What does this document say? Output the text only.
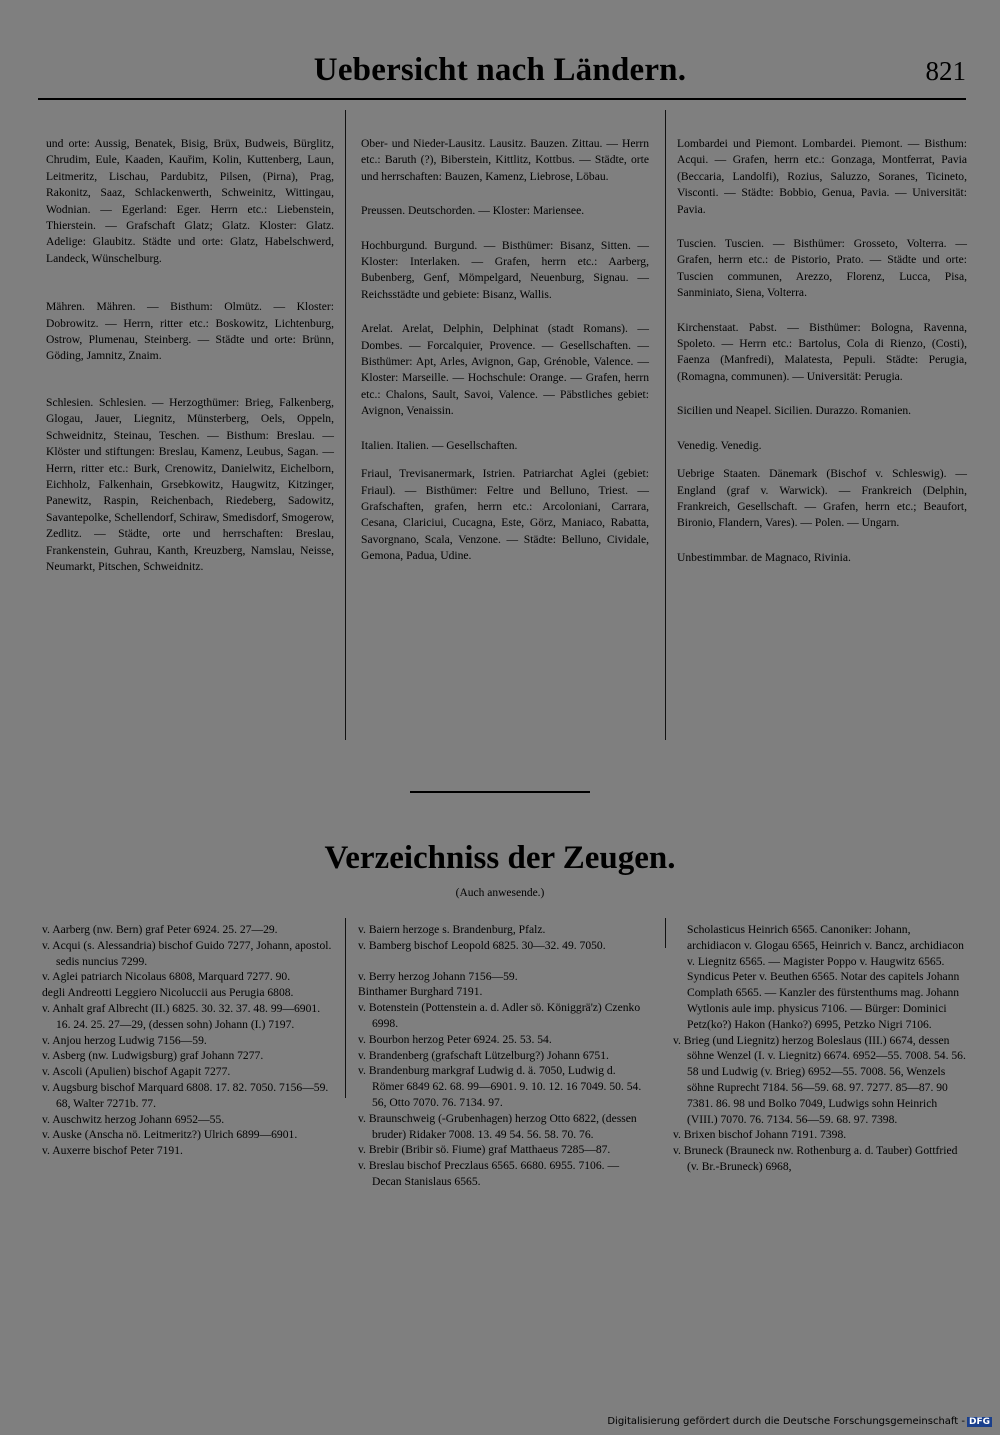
Uebersicht nach Ländern.	821

und orte: Aussig, Benatek, Bisig, Brüx, Budweis, Bürglitz, Chrudim, Eule, Kaaden, Kauřim, Kolin, Kuttenberg, Laun, Leitmeritz, Lischau, Pardubitz, Pilsen, (Pirna), Prag, Rakonitz, Saaz, Schlackenwerth, Schweinitz, Wittingau, Wodnian. — Egerland: Eger. Herrn etc.: Liebenstein, Thierstein. — Grafschaft Glatz; Glatz. Kloster: Glatz. Adelige: Glaubitz. Städte und orte: Glatz, Habelschwerd, Landeck, Wünschelburg.

Mähren. Mähren. — Bisthum: Olmütz. — Kloster: Dobrowitz. — Herrn, ritter etc.: Boskowitz, Lichtenburg, Ostrow, Plumenau, Steinberg. — Städte und orte: Brünn, Göding, Jamnitz, Znaim.

Schlesien. Schlesien. — Herzogthümer: Brieg, Falkenberg, Glogau, Jauer, Liegnitz, Münsterberg, Oels, Oppeln, Schweidnitz, Steinau, Teschen. — Bisthum: Breslau. — Klöster und stiftungen: Breslau, Kamenz, Leubus, Sagan. — Herrn, ritter etc.: Burk, Crenowitz, Danielwitz, Eichelborn, Eichholz, Falkenhain, Grsebkowitz, Haugwitz, Kitzinger, Panewitz, Raspin, Reichenbach, Riedeberg, Sadowitz, Savantepolke, Schellendorf, Schiraw, Smedisdorf, Smogerow, Zedlitz. — Städte, orte und herrschaften: Breslau, Frankenstein, Guhrau, Kanth, Kreuzberg, Namslau, Neisse, Neumarkt, Pitschen, Schweidnitz.

Ober- und Nieder-Lausitz. Lausitz. Bauzen. Zittau. — Herrn etc.: Baruth (?), Biberstein, Kittlitz, Kottbus. — Städte, orte und herrschaften: Bauzen, Kamenz, Liebrose, Löbau.

Preussen. Deutschorden. — Kloster: Mariensee.

Hochburgund. Burgund. — Bisthümer: Bisanz, Sitten. — Kloster: Interlaken. — Grafen, herrn etc.: Aarberg, Bubenberg, Genf, Mömpelgard, Neuenburg, Signau. — Reichsstädte und gebiete: Bisanz, Wallis.

Arelat. Arelat, Delphin, Delphinat (stadt Romans). — Dombes. — Forcalquier, Provence. — Gesellschaften. — Bisthümer: Apt, Arles, Avignon, Gap, Grénoble, Valence. — Kloster: Marseille. — Hochschule: Orange. — Grafen, herrn etc.: Chalons, Sault, Savoi, Valence. — Päbstliches gebiet: Avignon, Venaissin.

Italien. Italien. — Gesellschaften.

Friaul, Trevisanermark, Istrien. Patriarchat Aglei (gebiet: Friaul). — Bisthümer: Feltre und Belluno, Triest. — Grafschaften, grafen, herrn etc.: Arcoloniani, Carrara, Cesana, Clariciui, Cucagna, Este, Görz, Maniaco, Rabatta, Savorgnano, Scala, Venzone. — Städte: Belluno, Cividale, Gemona, Padua, Udine.

Lombardei und Piemont. Lombardei. Piemont. — Bisthum: Acqui. — Grafen, herrn etc.: Gonzaga, Montferrat, Pavia (Beccaria, Landolfi), Rozius, Saluzzo, Soranes, Ticineto, Visconti. — Städte: Bobbio, Genua, Pavia. — Universität: Pavia.

Tuscien. Tuscien. — Bisthümer: Grosseto, Volterra. — Grafen, herrn etc.: de Pistorio, Prato. — Städte und orte: Tuscien communen, Arezzo, Florenz, Lucca, Pisa, Sanminiato, Siena, Volterra.

Kirchenstaat. Pabst. — Bisthümer: Bologna, Ravenna, Spoleto. — Herrn etc.: Bartolus, Cola di Rienzo, (Costi), Faenza (Manfredi), Malatesta, Pepuli. Städte: Perugia, (Romagna, communen). — Universität: Perugia.

Sicilien und Neapel. Sicilien. Durazzo. Romanien.

Venedig. Venedig.

Uebrige Staaten. Dänemark (Bischof v. Schleswig). — England (graf v. Warwick). — Frankreich (Delphin, Frankreich, Gesellschaft. — Grafen, herrn etc.; Beaufort, Bironio, Flandern, Vares). — Polen. — Ungarn.

Unbestimmbar. de Magnaco, Rivinia.

Verzeichniss der Zeugen.
(Auch anwesende.)
v. Aarberg (nw. Bern) graf Peter 6924. 25. 27—29.
v. Acqui (s. Alessandria) bischof Guido 7277, Johann, apostol. sedis nuncius 7299.
v. Aglei patriarch Nicolaus 6808, Marquard 7277. 90.
degli Andreotti Leggiero Nicoluccii aus Perugia 6808.
v. Anhalt graf Albrecht (II.) 6825. 30. 32. 37. 48. 99—6901. 16. 24. 25. 27—29, (dessen sohn) Johann (I.) 7197.
v. Anjou herzog Ludwig 7156—59.
v. Asberg (nw. Ludwigsburg) graf Johann 7277.
v. Ascoli (Apulien) bischof Agapit 7277.
v. Augsburg bischof Marquard 6808. 17. 82. 7050. 7156—59. 68, Walter 7271b. 77.
v. Auschwitz herzog Johann 6952—55.
v. Auske (Anscha nö. Leitmeritz?) Ulrich 6899—6901.
v. Auxerre bischof Peter 7191.
v. Baiern herzoge s. Brandenburg, Pfalz.
v. Bamberg bischof Leopold 6825. 30—32. 49. 7050.
v. Berry herzog Johann 7156—59.
Binthamer Burghard 7191.
v. Botenstein (Pottenstein a. d. Adler sö. Königgrä'z) Czenko 6998.
v. Bourbon herzog Peter 6924. 25. 53. 54.
v. Brandenberg (grafschaft Lützelburg?) Johann 6751.
v. Brandenburg markgraf Ludwig d. ä. 7050, Ludwig d. Römer 6849 62. 68. 99—6901. 9. 10. 12. 16 7049. 50. 54. 56, Otto 7070. 76. 7134. 97.
v. Braunschweig (-Grubenhagen) herzog Otto 6822, (dessen bruder) Ridaker 7008. 13. 49 54. 56. 58. 70. 76.
v. Brebir (Bribir sö. Fiume) graf Matthaeus 7285—87.
v. Breslau bischof Preczlaus 6565. 6680. 6955. 7106. — Decan Stanislaus 6565.
Scholasticus Heinrich 6565. Canoniker: Johann, archidiacon v. Glogau 6565, Heinrich v. Bancz, archidiacon v. Liegnitz 6565. — Magister Poppo v. Haugwitz 6565. Syndicus Peter v. Beuthen 6565. Notar des capitels Johann Complath 6565. — Kanzler des fürstenthums mag. Johann Wytlonis aule imp. physicus 7106. — Bürger: Dominici Petz(ko?) Hakon (Hanko?) 6995, Petzko Nigri 7106.
v. Brieg (und Liegnitz) herzog Boleslaus (III.) 6674, dessen söhne Wenzel (I. v. Liegnitz) 6674. 6952—55. 7008. 54. 56. 58 und Ludwig (v. Brieg) 6952—55. 7008. 56, Wenzels söhne Ruprecht 7184. 56—59. 68. 97. 7277. 85—87. 90 7381. 86. 98 und Bolko 7049, Ludwigs sohn Heinrich (VIII.) 7070. 76. 7134. 56—59. 68. 97. 7398.
v. Brixen bischof Johann 7191. 7398.
v. Bruneck (Brauneck nw. Rothenburg a. d. Tauber) Gottfried (v. Br.-Bruneck) 6968,
Digitalisierung gefördert durch die Deutsche Forschungsgemeinschaft - DFG
